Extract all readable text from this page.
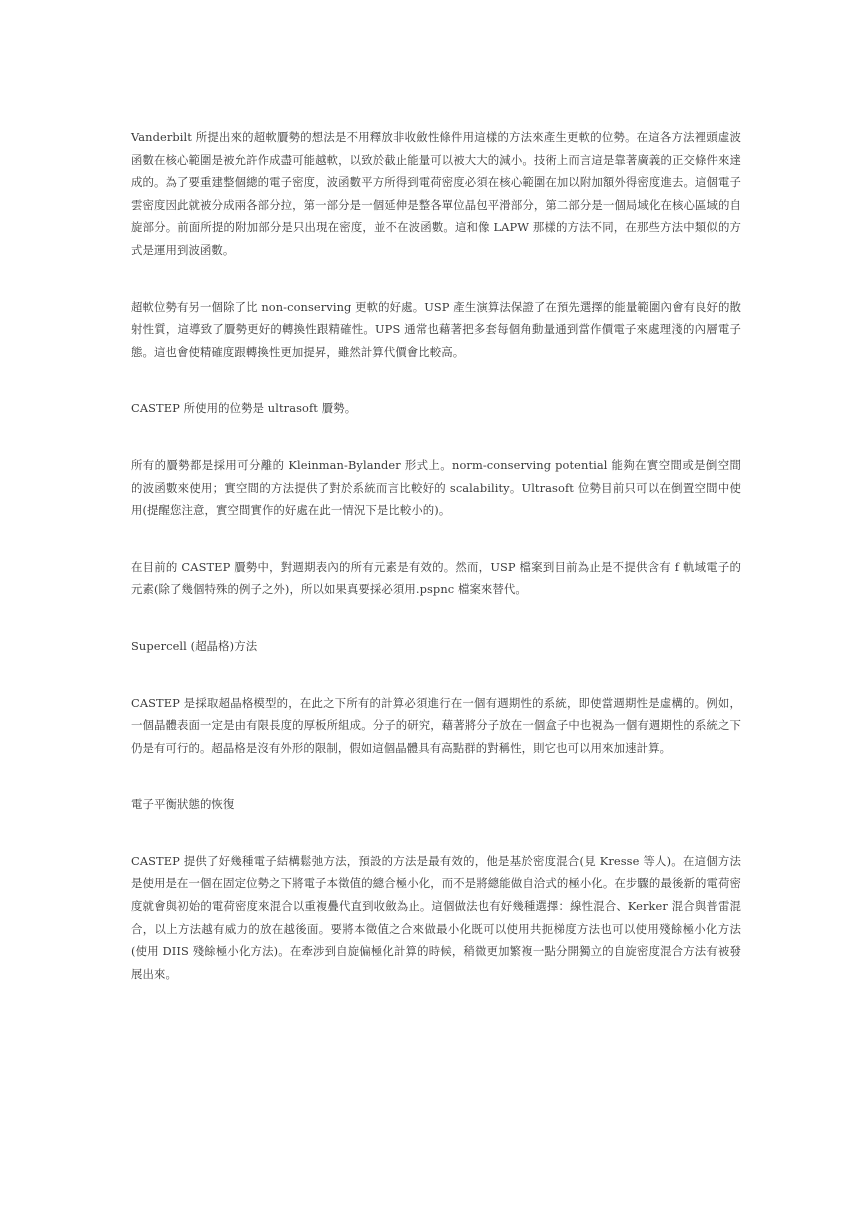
Vanderbilt 所提出來的超軟贗勢的想法是不用釋放非收斂性條件用這樣的方法來產生更軟的位勢。在這各方法裡頭虛波函數在核心範圍是被允許作成盡可能越軟，以致於截止能量可以被大大的減小。技術上而言這是靠著廣義的正交條件來達成的。為了要重建整個總的電子密度，波函數平方所得到電荷密度必須在核心範圍在加以附加額外得密度進去。這個電子雲密度因此就被分成兩各部分拉，第一部分是一個延伸是整各單位晶包平滑部分，第二部分是一個局域化在核心區域的自旋部分。前面所提的附加部分是只出現在密度，並不在波函數。這和像 LAPW 那樣的方法不同，在那些方法中類似的方式是運用到波函數。

超軟位勢有另一個除了比 non-conserving 更軟的好處。USP 產生演算法保證了在預先選擇的能量範圍內會有良好的散射性質，這導致了贗勢更好的轉換性跟精確性。UPS 通常也藉著把多套每個角動量通到當作價電子來處理淺的內層電子態。這也會使精確度跟轉換性更加提昇，雖然計算代價會比較高。

CASTEP 所使用的位勢是 ultrasoft 贗勢。

所有的贗勢都是採用可分離的 Kleinman-Bylander 形式上。norm-conserving potential 能夠在實空間或是倒空間的波函數來使用；實空間的方法提供了對於系統而言比較好的 scalability。Ultrasoft 位勢目前只可以在倒置空間中使用(提醒您注意，實空間實作的好處在此一情況下是比較小的)。

在目前的 CASTEP 贗勢中，對週期表內的所有元素是有效的。然而，USP 檔案到目前為止是不提供含有 f 軌域電子的元素(除了幾個特殊的例子之外)，所以如果真要採必須用.pspnc 檔案來替代。

Supercell (超晶格)方法

CASTEP 是採取超晶格模型的，在此之下所有的計算必須進行在一個有週期性的系統，即使當週期性是虛構的。例如，一個晶體表面一定是由有限長度的厚板所組成。分子的研究，藉著將分子放在一個盒子中也視為一個有週期性的系統之下仍是有可行的。超晶格是沒有外形的限制，假如這個晶體具有高點群的對稱性，則它也可以用來加速計算。

電子平衡狀態的恢復

CASTEP 提供了好幾種電子結構鬆弛方法，預設的方法是最有效的，他是基於密度混合(見 Kresse 等人)。在這個方法是使用是在一個在固定位勢之下將電子本徵值的總合極小化，而不是將總能做自洽式的極小化。在步驟的最後新的電荷密度就會與初始的電荷密度來混合以重複疊代直到收斂為止。這個做法也有好幾種選擇：線性混合、Kerker 混合與普雷混合，以上方法越有威力的放在越後面。要將本徵值之合來做最小化既可以使用共扼梯度方法也可以使用殘餘極小化方法(使用 DIIS 殘餘極小化方法)。在牽涉到自旋偏極化計算的時候，稍微更加繁複一點分開獨立的自旋密度混合方法有被發展出來。
